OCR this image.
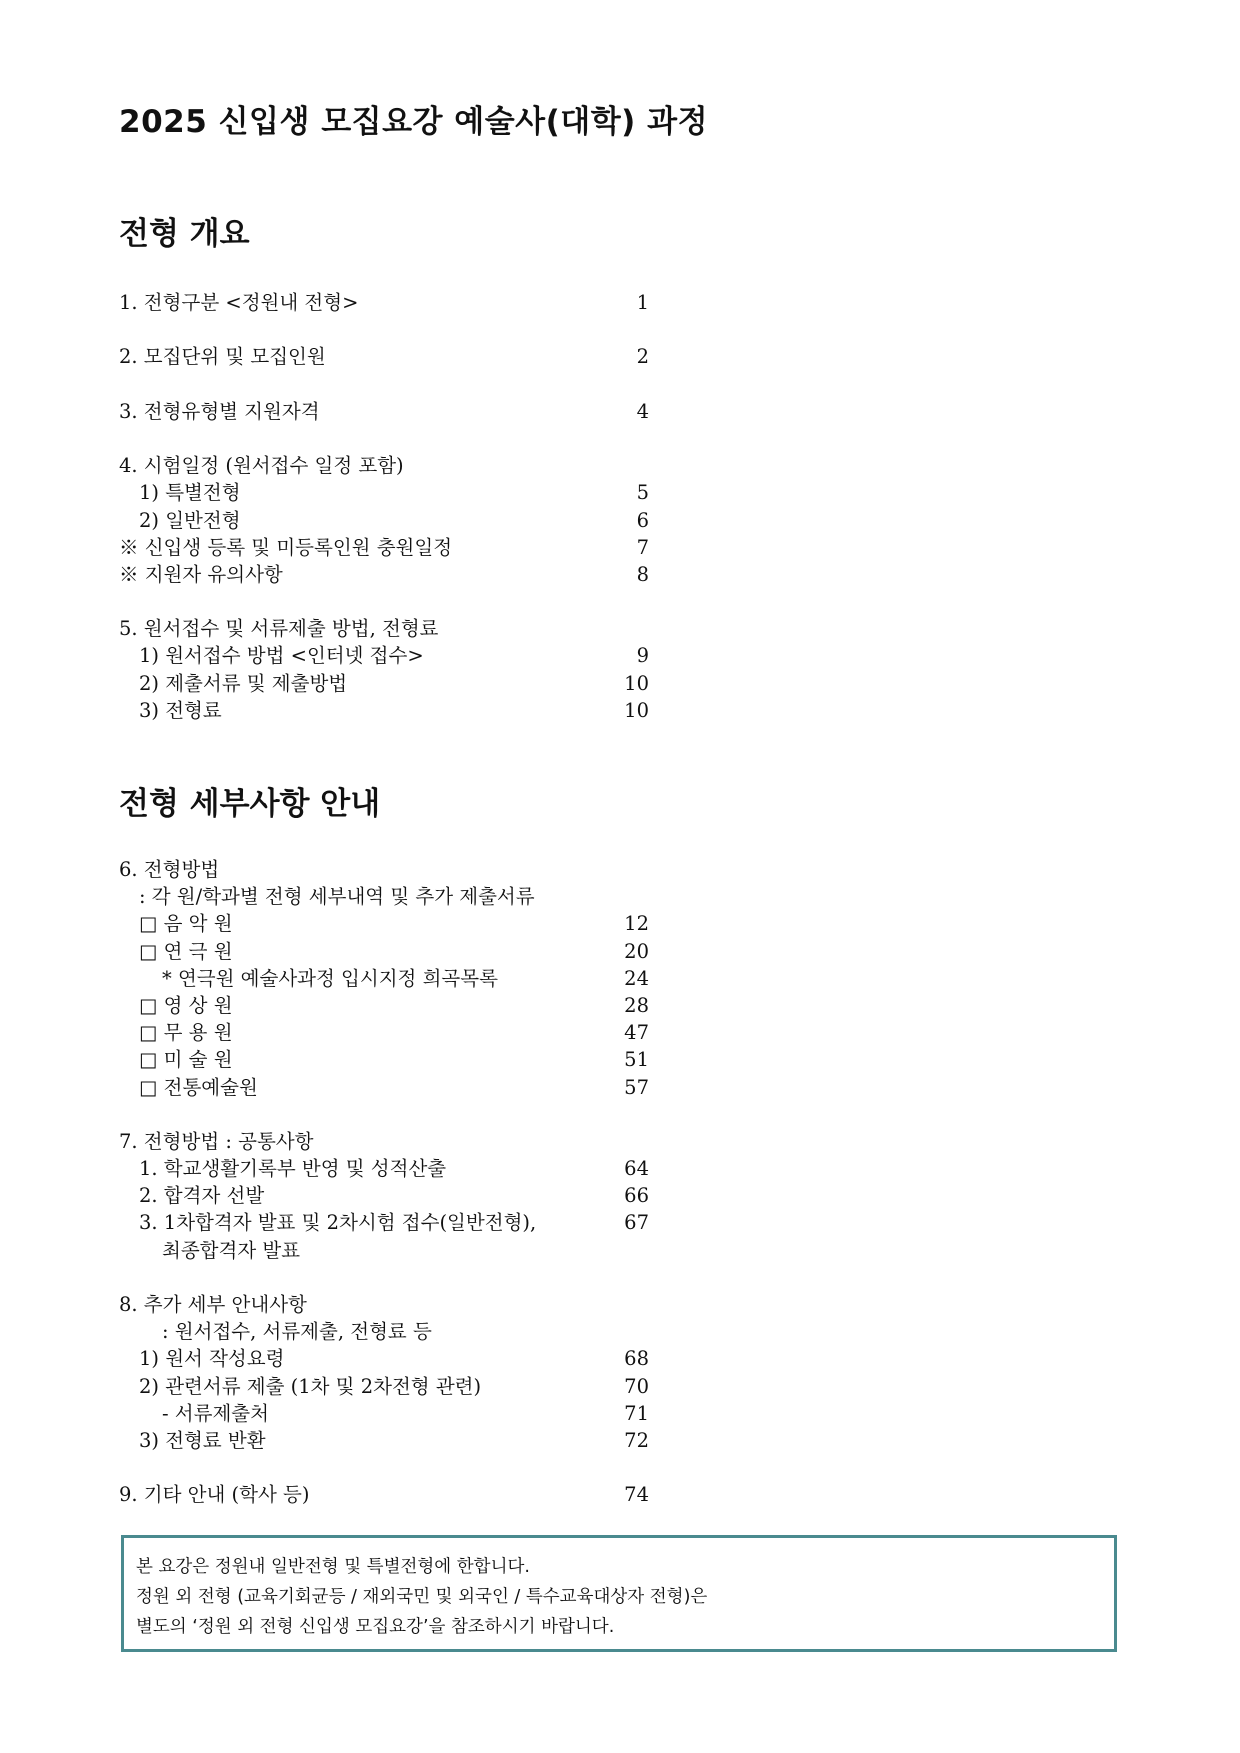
2025 신입생 모집요강 예술사(대학) 과정
전형 개요
1. 전형구분 <정원내 전형>	1
2. 모집단위 및 모집인원	2
3. 전형유형별 지원자격	4
4. 시험일정 (원서접수 일정 포함)
1) 특별전형	5
2) 일반전형	6
※ 신입생 등록 및 미등록인원 충원일정	7
※ 지원자 유의사항	8
5. 원서접수 및 서류제출 방법, 전형료
1) 원서접수 방법 <인터넷 접수>	9
2) 제출서류 및 제출방법	10
3) 전형료	10
전형 세부사항 안내
6. 전형방법
: 각 원/학과별 전형 세부내역 및 추가 제출서류
□ 음 악 원	12
□ 연 극 원	20
* 연극원 예술사과정 입시지정 희곡목록	24
□ 영 상 원	28
□ 무 용 원	47
□ 미 술 원	51
□ 전통예술원	57
7. 전형방법 : 공통사항
1. 학교생활기록부 반영 및 성적산출	64
2. 합격자 선발	66
3. 1차합격자 발표 및 2차시험 접수(일반전형),	67
최종합격자 발표
8. 추가 세부 안내사항
: 원서접수, 서류제출, 전형료 등
1) 원서 작성요령	68
2) 관련서류 제출 (1차 및 2차전형 관련)	70
- 서류제출처	71
3) 전형료 반환	72
9. 기타 안내 (학사 등)	74

본 요강은 정원내 일반전형 및 특별전형에 한합니다.

정원 외 전형 (교육기회균등 / 재외국민 및 외국인 / 특수교육대상자 전형)은

별도의 ‘정원 외 전형 신입생 모집요강’을 참조하시기 바랍니다.
